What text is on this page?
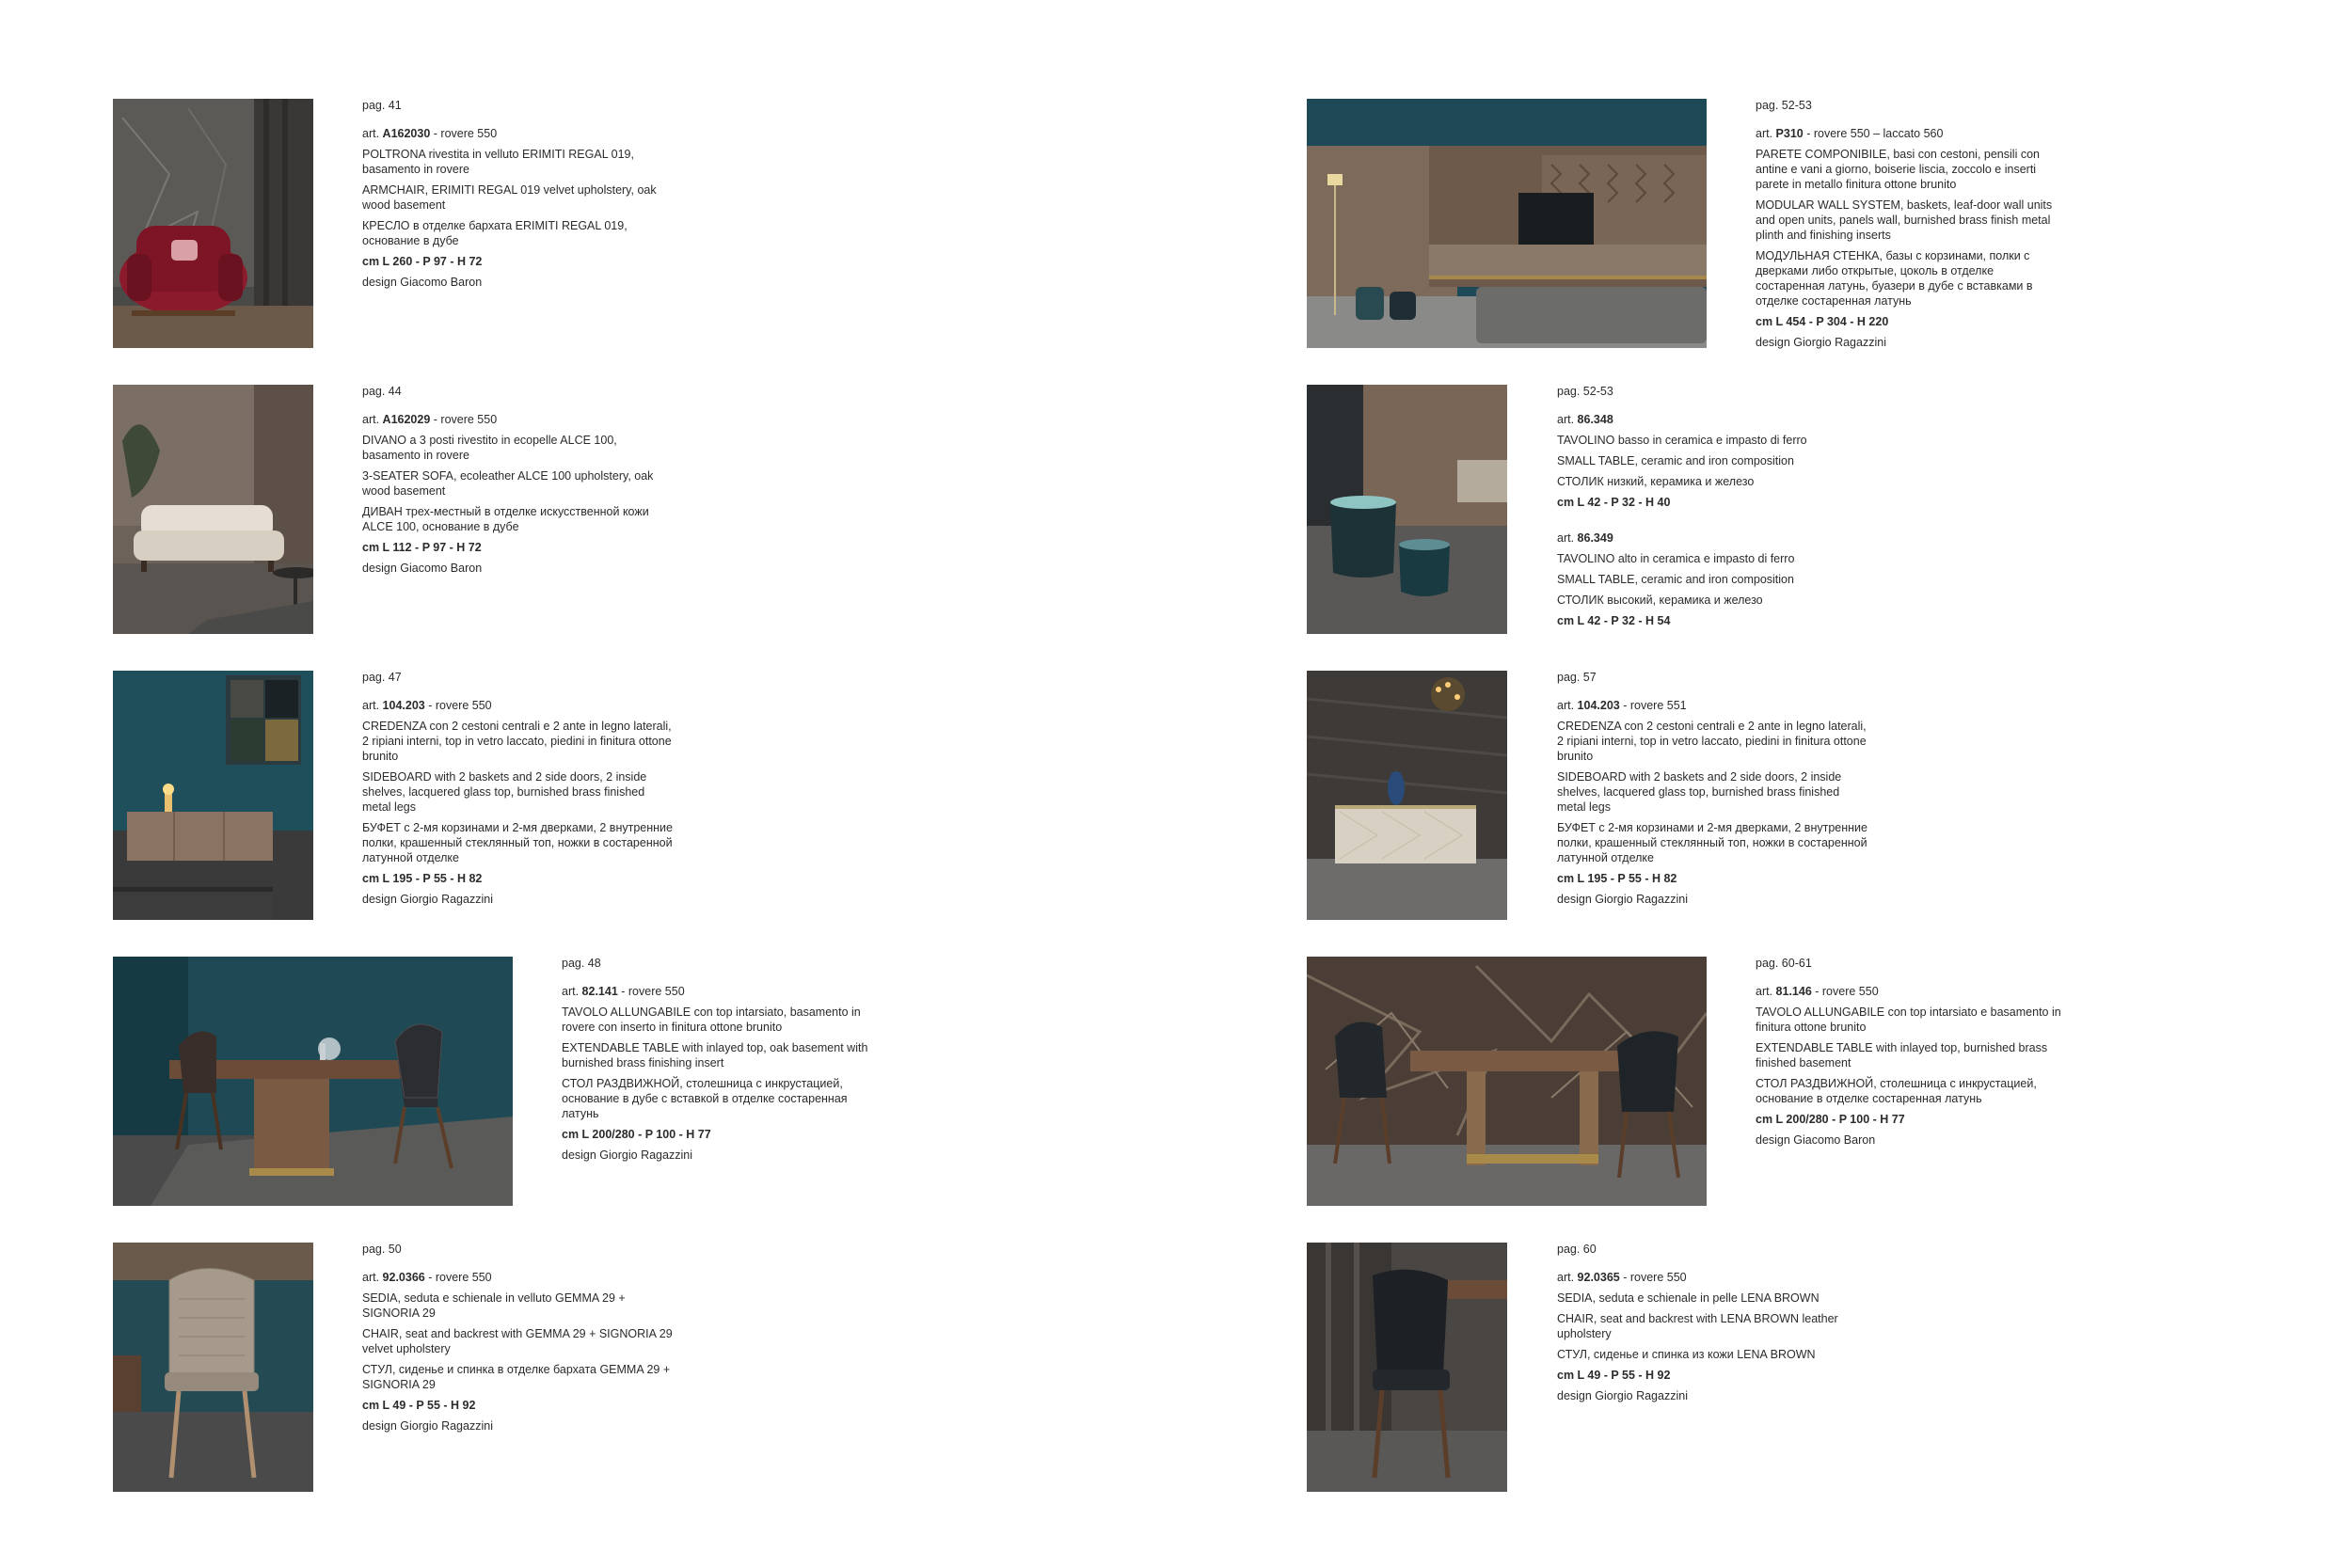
pag. 41

art. A162030 - rovere 550

POLTRONA rivestita in velluto ERIMITI REGAL 019, basamento in rovere

ARMCHAIR, ERIMITI REGAL 019 velvet upholstery, oak wood basement

КРЕСЛО в отделке бархата ERIMITI REGAL 019, основание в дубе

cm L 260 - P 97 - H 72

design Giacomo Baron

pag. 44

art. A162029 - rovere 550

DIVANO a 3 posti rivestito in ecopelle ALCE 100, basamento in rovere

3-SEATER SOFA, ecoleather ALCE 100 upholstery, oak wood basement

ДИВАН трех-местный в отделке искусственной кожи ALCE 100, основание в дубе

cm L 112 - P 97 - H 72

design Giacomo Baron

pag. 47

art. 104.203 - rovere 550

CREDENZA con 2 cestoni centrali e 2 ante in legno laterali, 2 ripiani interni, top in vetro laccato, piedini in finitura ottone brunito

SIDEBOARD with 2 baskets and 2 side doors, 2 inside shelves, lacquered glass top, burnished brass finished metal legs

БУФЕТ с 2-мя корзинами и 2-мя дверками, 2 внутренние полки, крашенный стеклянный топ, ножки в состаренной латунной отделке

cm L 195 - P 55 - H 82

design Giorgio Ragazzini

pag. 48

art. 82.141 - rovere 550

TAVOLO ALLUNGABILE con top intarsiato, basamento in rovere con inserto in finitura ottone brunito

EXTENDABLE TABLE with inlayed top, oak basement with burnished brass finishing insert

СТОЛ РАЗДВИЖНОЙ, столешница с инкрустацией, основание в дубе с вставкой в отделке состаренная латунь

cm L 200/280 - P 100 - H 77

design Giorgio Ragazzini

pag. 50

art. 92.0366 - rovere 550

SEDIA, seduta e schienale in velluto GEMMA 29 + SIGNORIA 29

CHAIR, seat and backrest with GEMMA 29 + SIGNORIA 29 velvet upholstery

СТУЛ, сиденье и спинка в отделке бархата GEMMA 29 + SIGNORIA 29

cm L 49 - P 55 - H 92

design Giorgio Ragazzini

pag. 52-53

art. P310 - rovere 550 – laccato 560

PARETE COMPONIBILE, basi con cestoni, pensili con antine e vani a giorno, boiserie liscia, zoccolo e inserti parete in metallo finitura ottone brunito

MODULAR WALL SYSTEM, baskets, leaf-door wall units and open units, panels wall, burnished brass finish metal plinth and finishing inserts

МОДУЛЬНАЯ СТЕНКА, базы с корзинами, полки с дверками либо открытые, цоколь в отделке состаренная латунь, буазери в дубе с вставками в отделке состаренная латунь

cm L 454 - P 304 - H 220

design Giorgio Ragazzini

pag. 52-53

art. 86.348

TAVOLINO basso in ceramica e impasto di ferro

SMALL TABLE, ceramic and iron composition

СТОЛИК низкий, керамика и железо

cm L 42 - P 32 - H 40

art. 86.349

TAVOLINO alto in ceramica e impasto di ferro

SMALL TABLE, ceramic and iron composition

СТОЛИК высокий, керамика и железо

cm L 42 - P 32 - H 54

pag. 57

art. 104.203 - rovere 551

CREDENZA con 2 cestoni centrali e 2 ante in legno laterali, 2 ripiani interni, top in vetro laccato, piedini in finitura ottone brunito

SIDEBOARD with 2 baskets and 2 side doors, 2 inside shelves, lacquered glass top, burnished brass finished metal legs

БУФЕТ с 2-мя корзинами и 2-мя дверками, 2 внутренние полки, крашенный стеклянный топ, ножки в состаренной латунной отделке

cm L 195 - P 55 - H 82

design Giorgio Ragazzini

pag. 60-61

art. 81.146 - rovere 550

TAVOLO ALLUNGABILE con top intarsiato e basamento in finitura ottone brunito

EXTENDABLE TABLE with inlayed top, burnished brass finished basement

СТОЛ РАЗДВИЖНОЙ, столешница с инкрустацией, основание в отделке состаренная латунь

cm L 200/280 - P 100 - H 77

design Giacomo Baron

pag. 60

art. 92.0365 - rovere 550

SEDIA, seduta e schienale in pelle LENA BROWN

CHAIR, seat and backrest with LENA BROWN leather upholstery

СТУЛ, сиденье и спинка из кожи LENA BROWN

cm L 49 - P 55 - H 92

design Giorgio Ragazzini
